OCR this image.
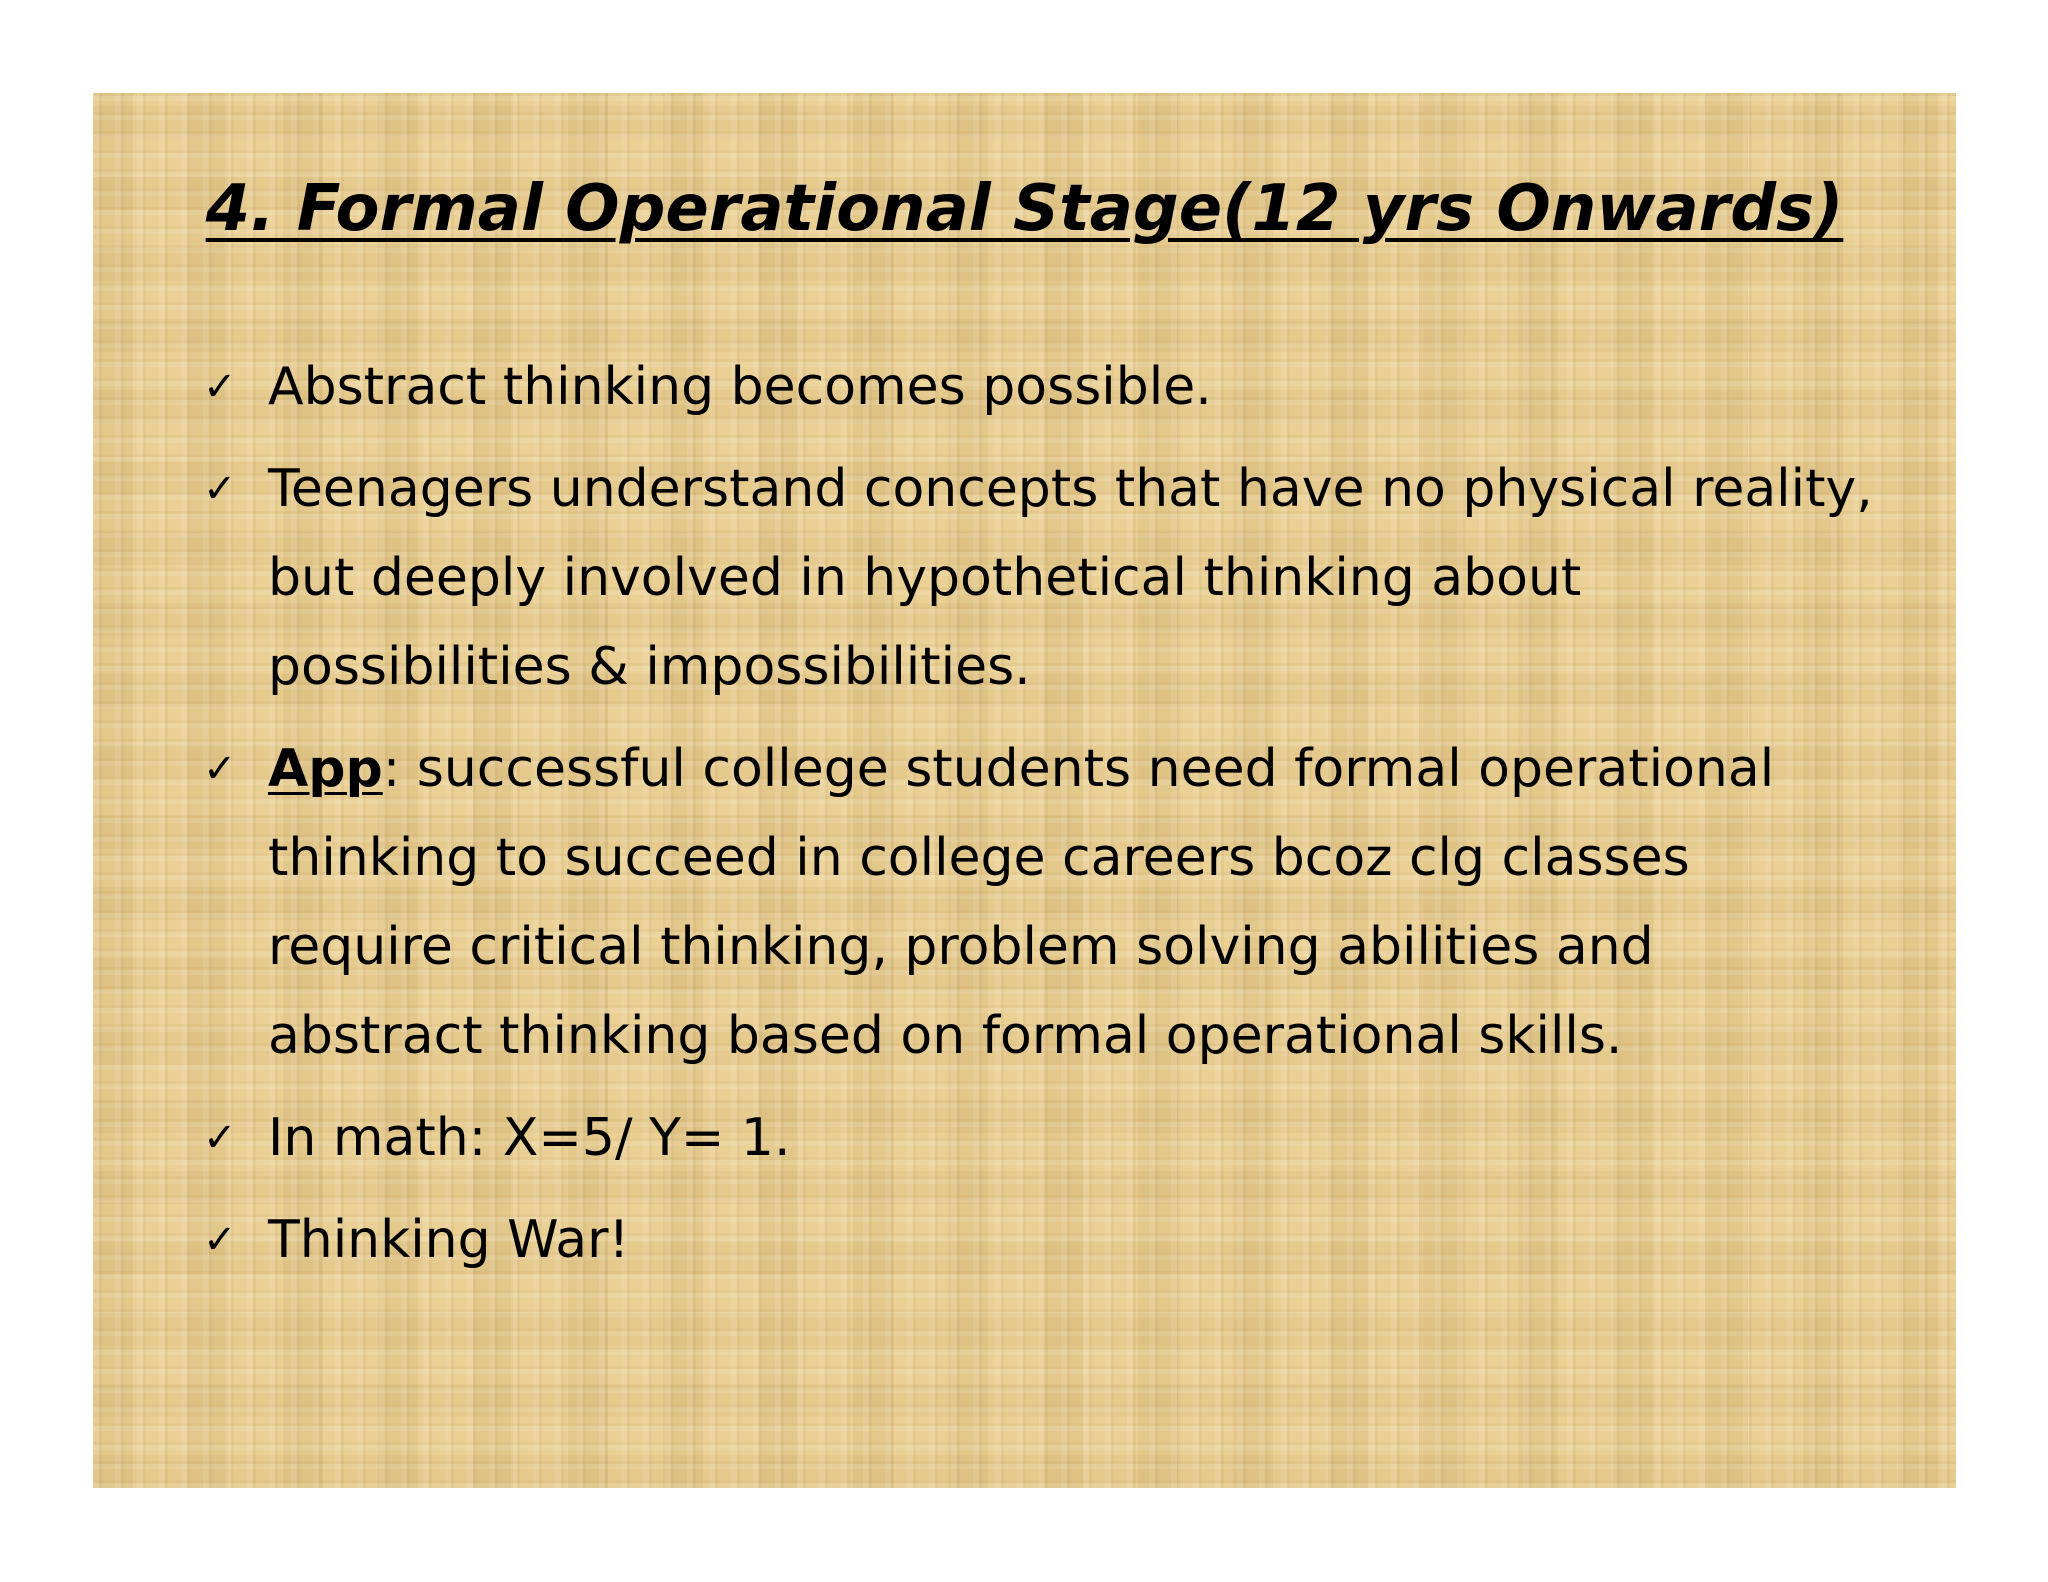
4. Formal Operational Stage(12 yrs Onwards)
✓ Abstract thinking becomes possible.
✓ Teenagers understand concepts that have no physical reality, but deeply involved in hypothetical thinking about possibilities & impossibilities.
✓ App: successful college students need formal operational thinking to succeed in college careers bcoz clg classes require critical thinking, problem solving abilities and abstract thinking based on formal operational skills.
✓ In math: X=5/ Y= 1.
✓ Thinking War!
